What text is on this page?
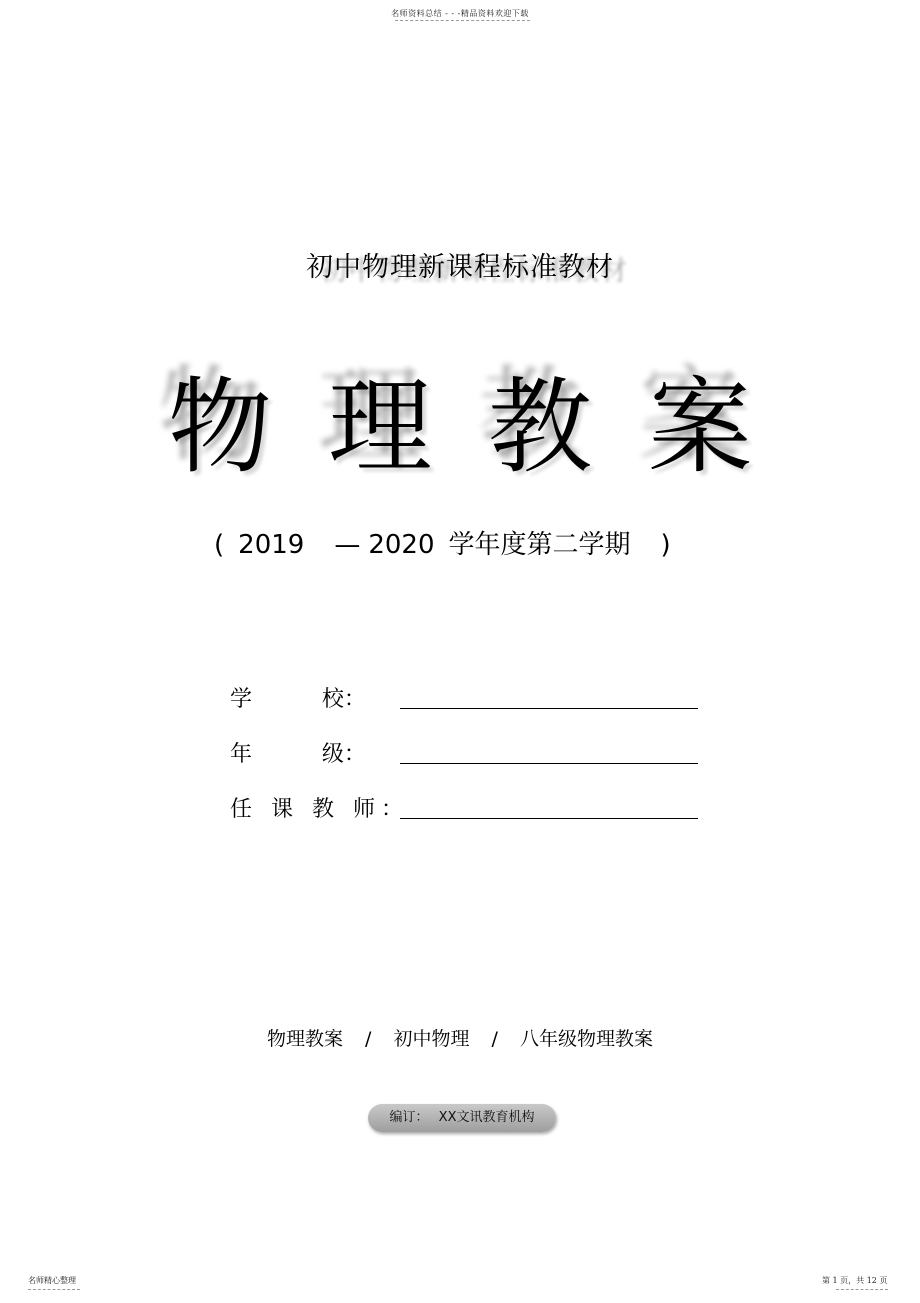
名师资料总结 - - -精品资料欢迎下载
初中物理新课程标准教材
物 理 教 案
( 2019 — 2020 学年度第二学期 )
学          校：
年          级：
任 课 教 师：
物理教案 / 初中物理 / 八年级物理教案
编订： XX文讯教育机构
名师精心整理	第 1 页，共 12 页
